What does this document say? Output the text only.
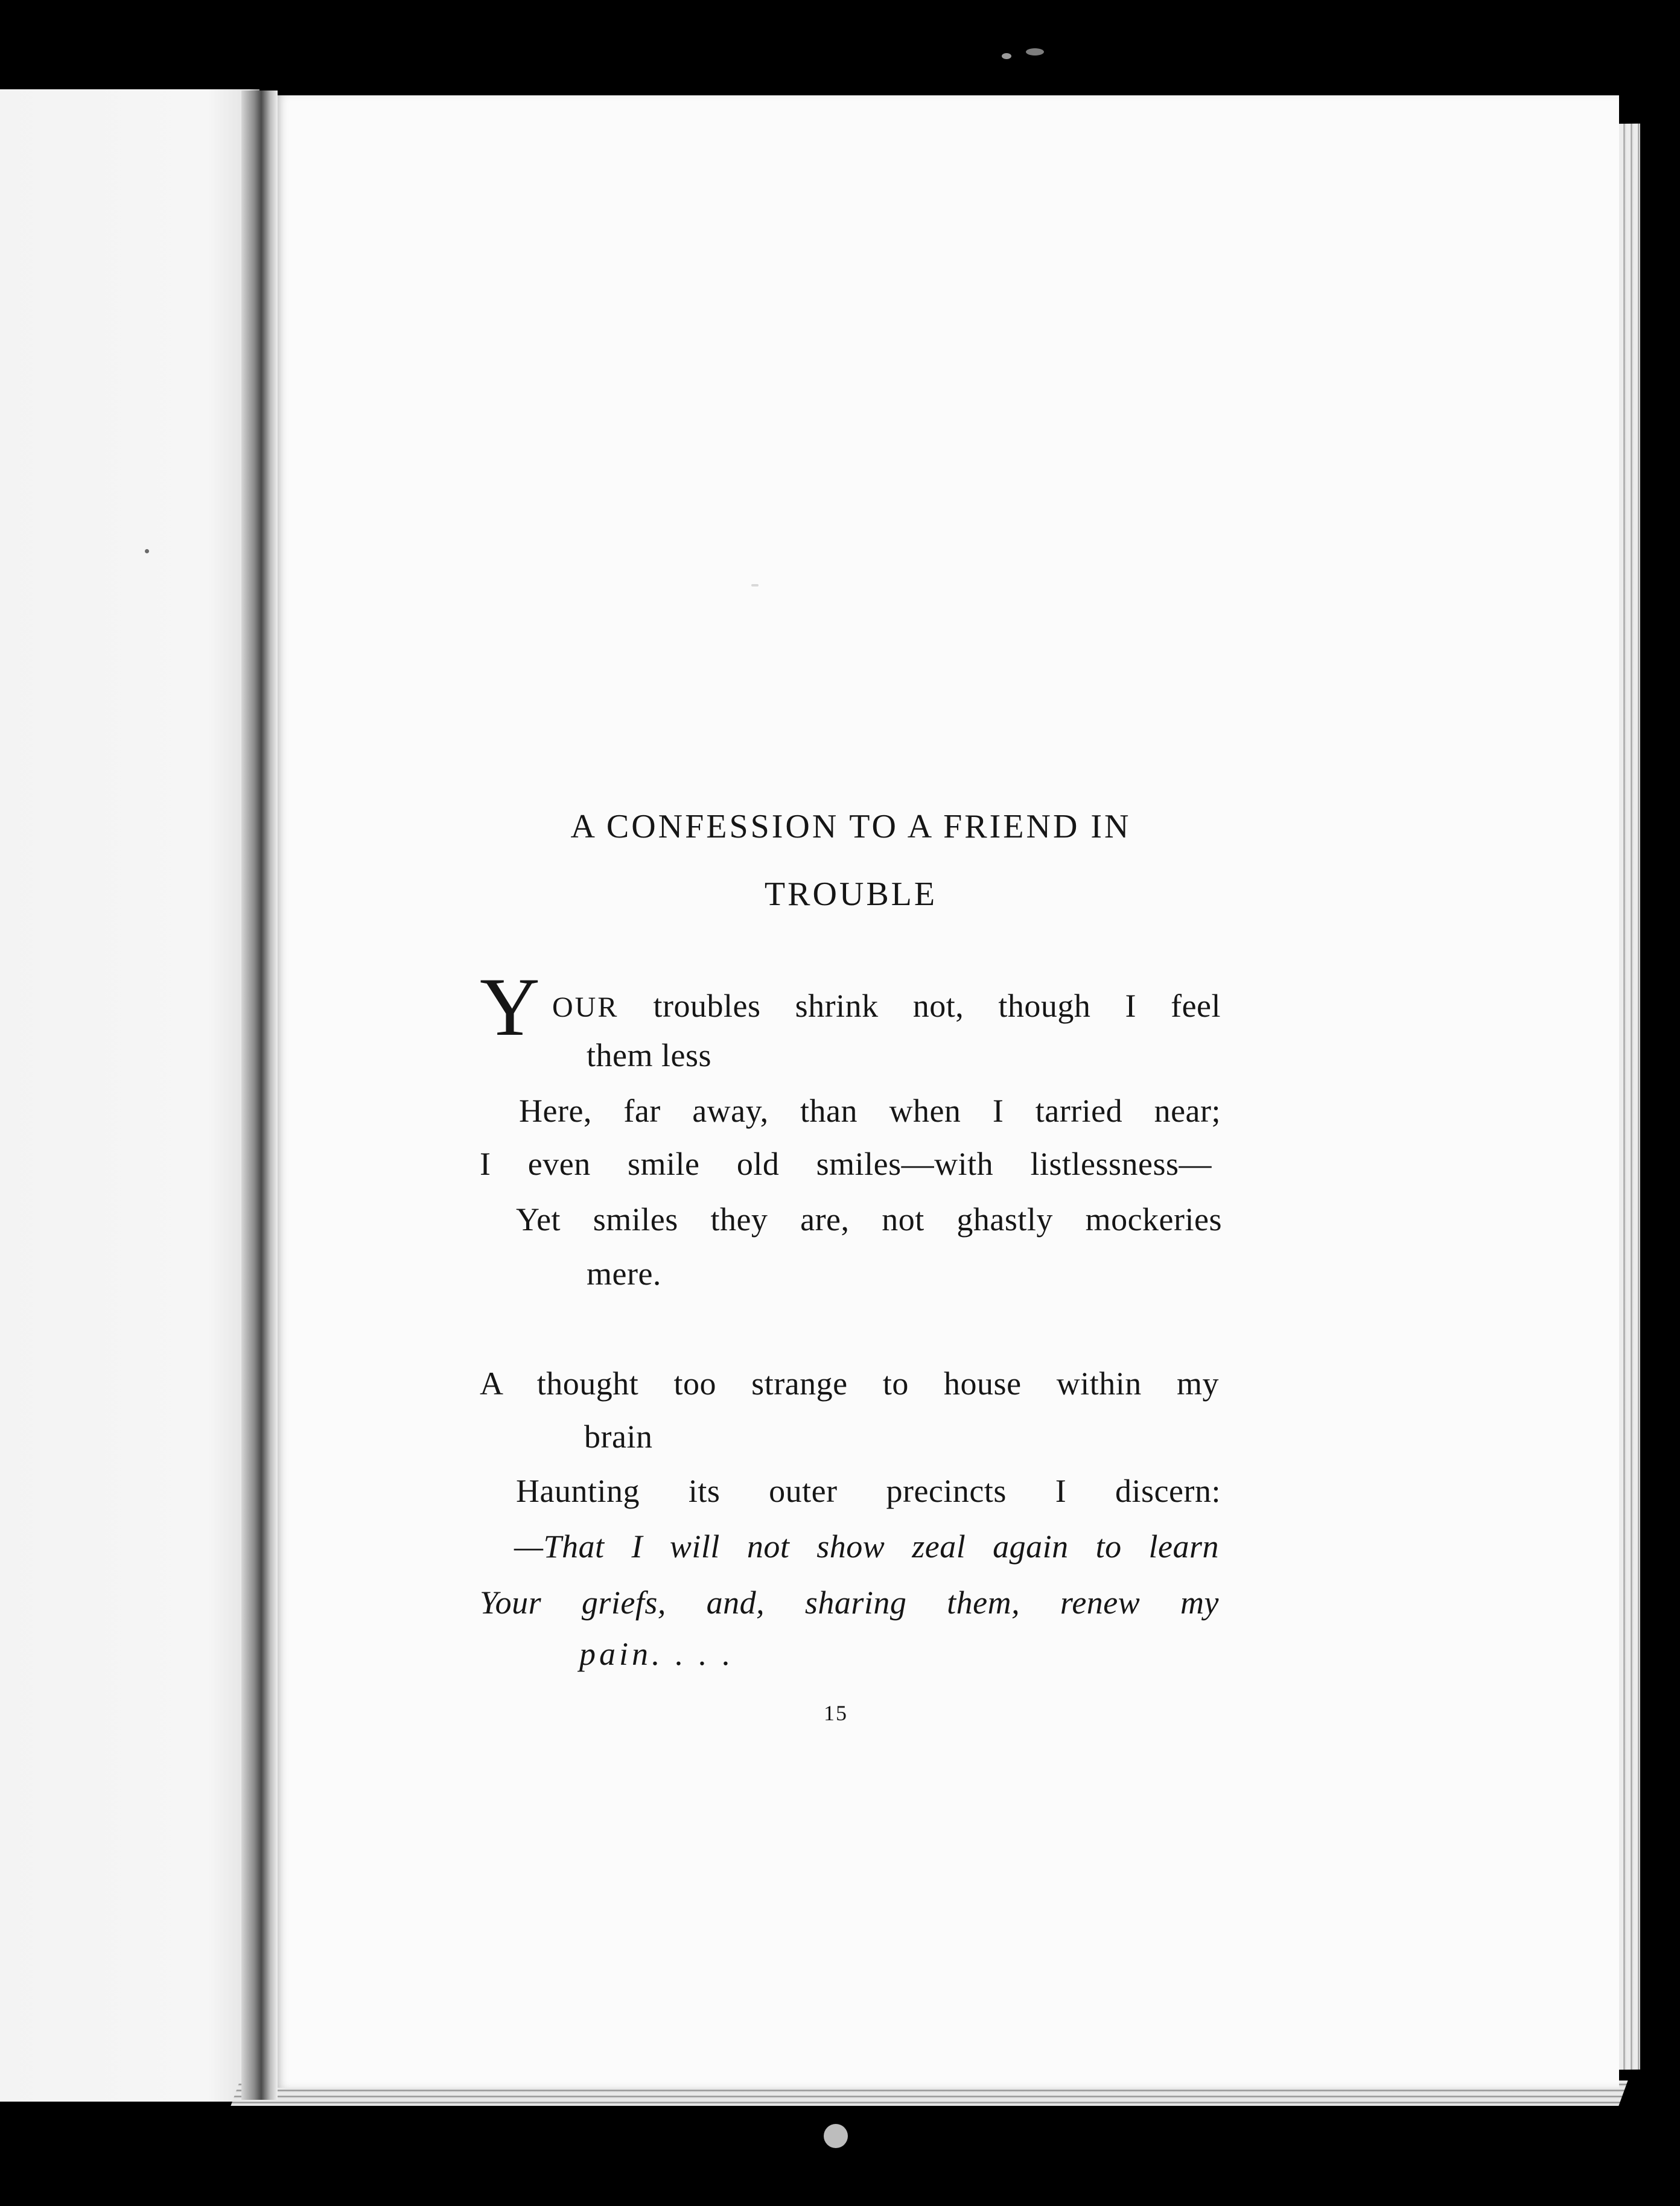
A CONFESSION TO A FRIEND IN
TROUBLE
Y OUR troubles shrink not, though I feel
them less
Here, far away, than when I tarried near;
I even smile old smiles—with listlessness—
Yet smiles they are, not ghastly mockeries
mere.
A thought too strange to house within my
brain
Haunting its outer precincts I discern:
—That I will not show zeal again to learn
Your griefs, and, sharing them, renew my
pain. . . .
15
